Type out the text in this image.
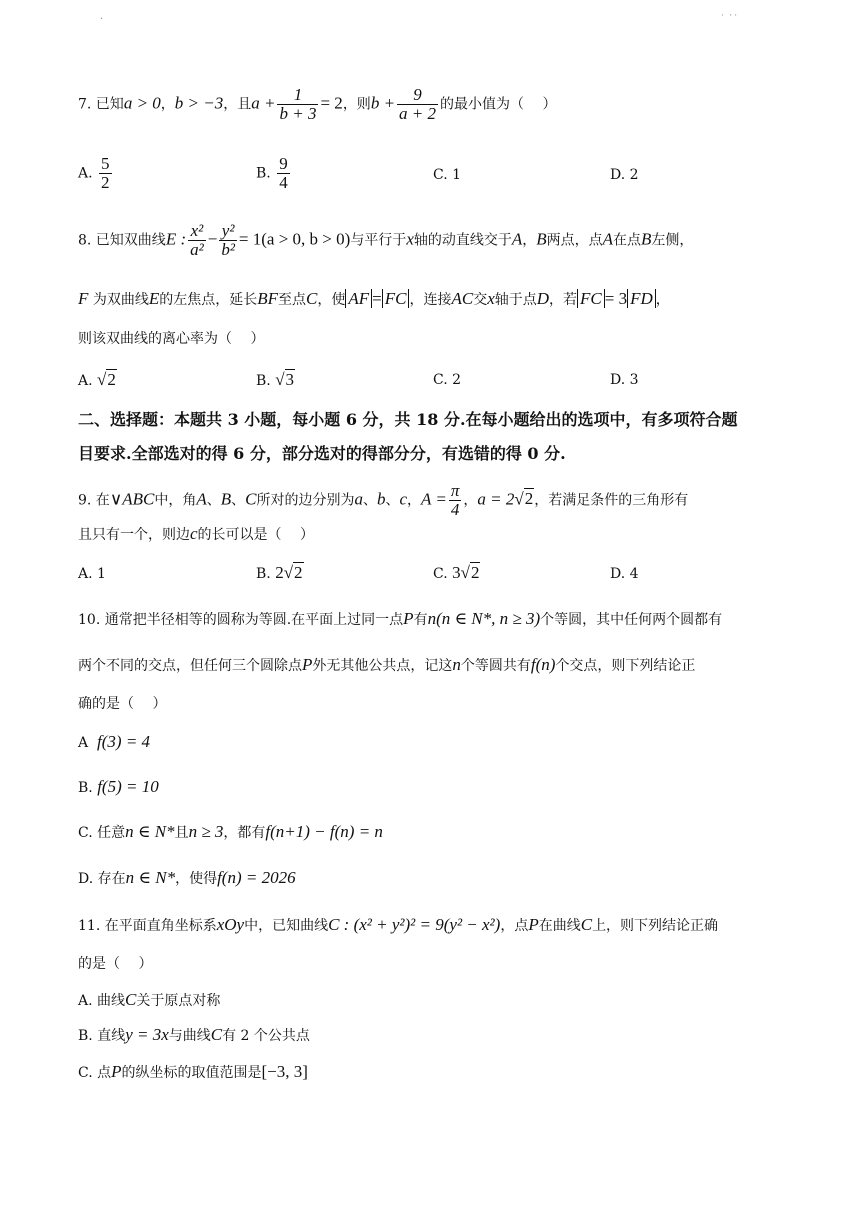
·	˙ ˙˙
7. 已知a > 0，b > −3，且$a + \frac{1}{b + 3} = 2$，则$b + \frac{9}{a + 2}$ 的最小值为（　 ）
A. $\frac{5}{2}$	B. $\frac{9}{4}$	C. 1	D. 2
8. 已知双曲线E : $\frac{\text{x²}}{\text{a²}} - \frac{\text{y²}}{\text{b²}} = 1(a > 0$, b > 0)与平行于x轴的动直线交于A，B两点，点A在点B左侧，
F 为双曲线E的左焦点，延长BF至点C，使 AF = FC ，连接AC交x轴于点D，若 FC = 3 FD ，
则该双曲线的离心率为（　 ）
A. √2	B. √3	C. 2	D. 3
二、选择题：本题共 3 小题，每小题 6 分，共 18 分.在每小题给出的选项中，有多项符合题
目要求.全部选对的得 6 分，部分选对的得部分分，有选错的得 0 分.
9. 在∨ABC中，角A、B、C所对的边分别为a、b、c，$A = \frac{\pi}{4}$ ，a = 2√2，若满足条件的三角形有
且只有一个，则边c的长可以是（　 ）
A. 1	B. 2√2	C. 3√2	D. 4
10. 通常把半径相等的圆称为等圆.在平面上过同一点P有n(n ∈ N*, n ≥ 3)个等圆，其中任何两个圆都有
两个不同的交点，但任何三个圆除点P外无其他公共点，记这n个等圆共有f(n)个交点，则下列结论正
确的是（　 ）
A f(3) = 4
B. f(5) = 10
C. 任意n ∈ N*且n ≥ 3，都有f(n+1) − f(n) = n
D. 存在n ∈ N*，使得f(n) = 2026
11. 在平面直角坐标系xOy中，已知曲线C : (x² + y²)² = 9(y² − x²)，点P在曲线C上，则下列结论正确
的是（　 ）
A. 曲线C关于原点对称
B. 直线y = 3x与曲线C有 2 个公共点
C. 点P的纵坐标的取值范围是[−3, 3]
